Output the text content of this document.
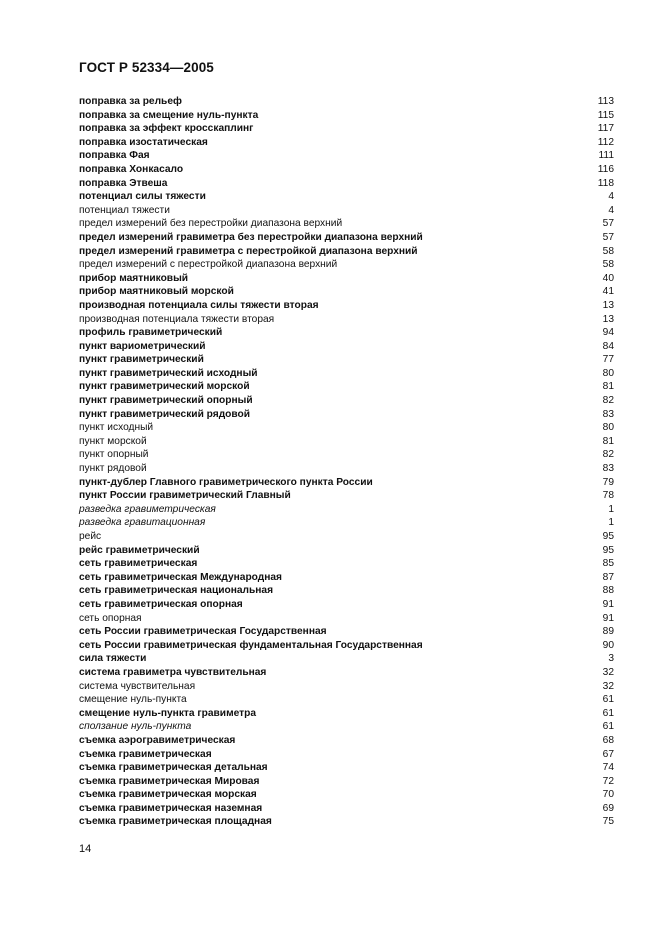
ГОСТ Р 52334—2005
поправка за рельеф	113
поправка за смещение нуль-пункта	115
поправка за эффект кросскаплинг	117
поправка изостатическая	112
поправка Фая	111
поправка Хонкасало	116
поправка Этвеша	118
потенциал силы тяжести	4
потенциал тяжести	4
предел измерений без перестройки диапазона верхний	57
предел измерений гравиметра без перестройки диапазона верхний	57
предел измерений гравиметра с перестройкой диапазона верхний	58
предел измерений с перестройкой диапазона верхний	58
прибор маятниковый	40
прибор маятниковый морской	41
производная потенциала силы тяжести вторая	13
производная потенциала тяжести вторая	13
профиль гравиметрический	94
пункт вариометрический	84
пункт гравиметрический	77
пункт гравиметрический исходный	80
пункт гравиметрический морской	81
пункт гравиметрический опорный	82
пункт гравиметрический рядовой	83
пункт исходный	80
пункт морской	81
пункт опорный	82
пункт рядовой	83
пункт-дублер Главного гравиметрического пункта России	79
пункт России гравиметрический Главный	78
разведка гравиметрическая	1
разведка гравитационная	1
рейс	95
рейс гравиметрический	95
сеть гравиметрическая	85
сеть гравиметрическая Международная	87
сеть гравиметрическая национальная	88
сеть гравиметрическая опорная	91
сеть опорная	91
сеть России гравиметрическая Государственная	89
сеть России гравиметрическая фундаментальная Государственная	90
сила тяжести	3
система гравиметра чувствительная	32
система чувствительная	32
смещение нуль-пункта	61
смещение нуль-пункта гравиметра	61
сползание нуль-пункта	61
съемка аэрогравиметрическая	68
съемка гравиметрическая	67
съемка гравиметрическая детальная	74
съемка гравиметрическая Мировая	72
съемка гравиметрическая морская	70
съемка гравиметрическая наземная	69
съемка гравиметрическая площадная	75
14
